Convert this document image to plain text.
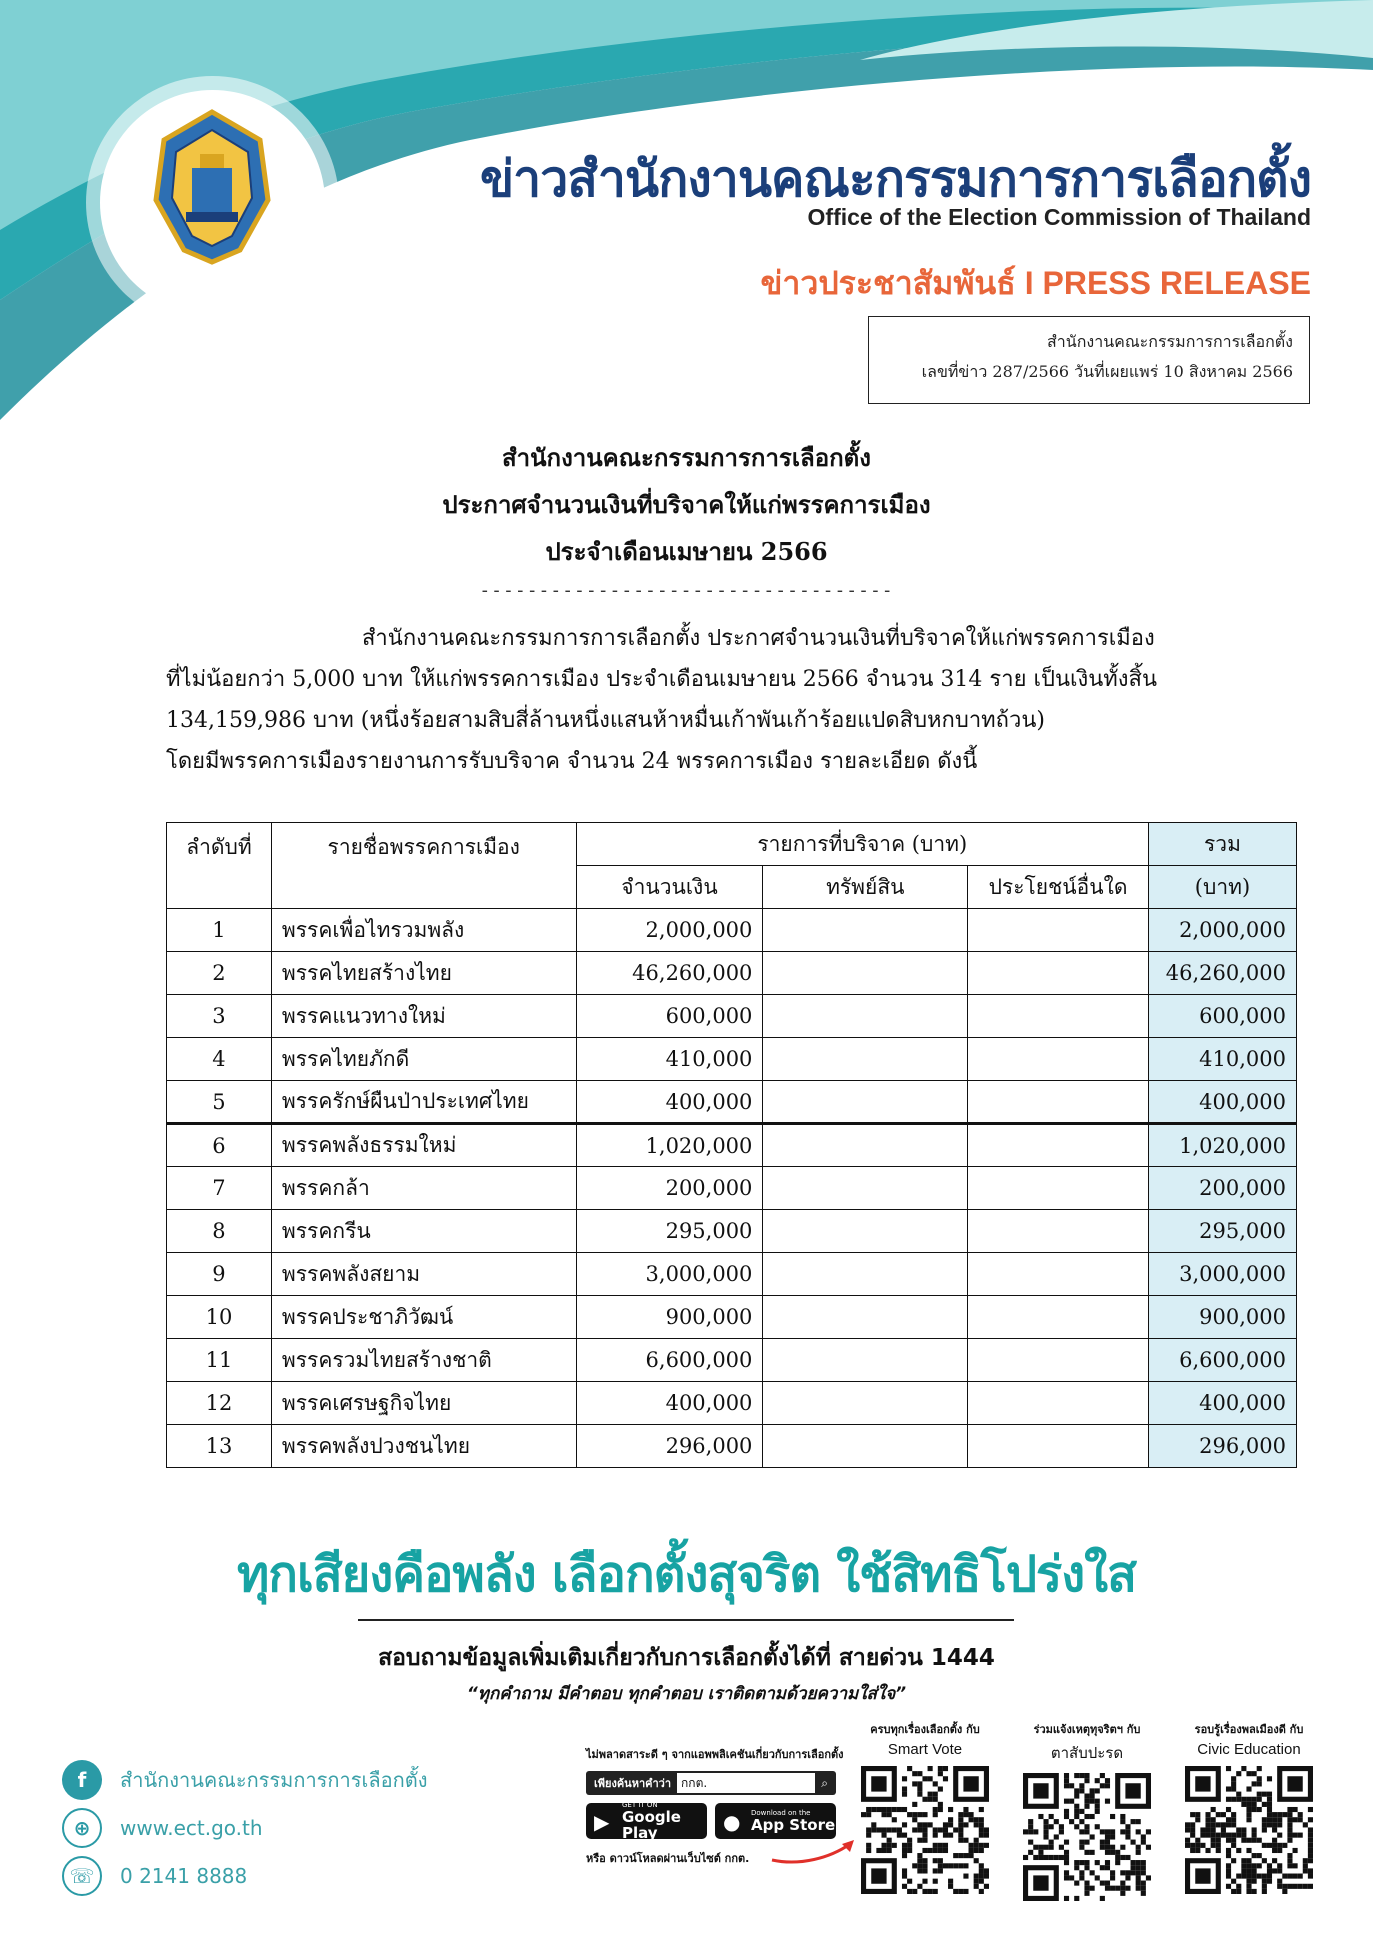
ข่าวสำนักงานคณะกรรมการการเลือกตั้ง
Office of the Election Commission of Thailand
ข่าวประชาสัมพันธ์ I PRESS RELEASE
สำนักงานคณะกรรมการการเลือกตั้ง
เลขที่ข่าว 287/2566 วันที่เผยแพร่ 10 สิงหาคม 2566
สำนักงานคณะกรรมการการเลือกตั้ง
ประกาศจำนวนเงินที่บริจาคให้แก่พรรคการเมือง
ประจำเดือนเมษายน 2566
-----------------------------------

สำนักงานคณะกรรมการการเลือกตั้ง ประกาศจำนวนเงินที่บริจาคให้แก่พรรคการเมือง

ที่ไม่น้อยกว่า 5,000 บาท ให้แก่พรรคการเมือง ประจำเดือนเมษายน 2566 จำนวน 314 ราย เป็นเงินทั้งสิ้น

134,159,986 บาท (หนึ่งร้อยสามสิบสี่ล้านหนึ่งแสนห้าหมื่นเก้าพันเก้าร้อยแปดสิบหกบาทถ้วน)

โดยมีพรรคการเมืองรายงานการรับบริจาค จำนวน 24 พรรคการเมือง รายละเอียด ดังนี้

ลำดับที่	รายชื่อพรรคการเมือง	รายการที่บริจาค (บาท)			รวม
		จำนวนเงิน	ทรัพย์สิน	ประโยชน์อื่นใด	(บาท)
1	พรรคเพื่อไทรวมพลัง	2,000,000			2,000,000
2	พรรคไทยสร้างไทย	46,260,000			46,260,000
3	พรรคแนวทางใหม่	600,000			600,000
4	พรรคไทยภักดี	410,000			410,000
5	พรรครักษ์ผืนป่าประเทศไทย	400,000			400,000
6	พรรคพลังธรรมใหม่	1,020,000			1,020,000
7	พรรคกล้า	200,000			200,000
8	พรรคกรีน	295,000			295,000
9	พรรคพลังสยาม	3,000,000			3,000,000
10	พรรคประชาภิวัฒน์	900,000			900,000
11	พรรครวมไทยสร้างชาติ	6,600,000			6,600,000
12	พรรคเศรษฐกิจไทย	400,000			400,000
13	พรรคพลังปวงชนไทย	296,000			296,000
ทุกเสียงคือพลัง เลือกตั้งสุจริต ใช้สิทธิโปร่งใส
สอบถามข้อมูลเพิ่มเติมเกี่ยวกับการเลือกตั้งได้ที่ สายด่วน 1444
“ทุกคำถาม มีคำตอบ ทุกคำตอบ เราติดตามด้วยความใส่ใจ”
f	สำนักงานคณะกรรมการการเลือกตั้ง
⊕	www.ect.go.th
☏	0 2141 8888
ไม่พลาดสาระดี ๆ จากแอพพลิเคชันเกี่ยวกับการเลือกตั้ง
เพียงค้นหาคำว่า กกต.	⌕
▶
GET IT ON
Google Play	● Download on the
App Store
หรือ ดาวน์โหลดผ่านเว็บไซต์ กกต.
ครบทุกเรื่องเลือกตั้ง กับ
Smart Vote
ร่วมแจ้งเหตุทุจริตฯ กับ
ตาสับปะรด
รอบรู้เรื่องพลเมืองดี กับ
Civic Education
